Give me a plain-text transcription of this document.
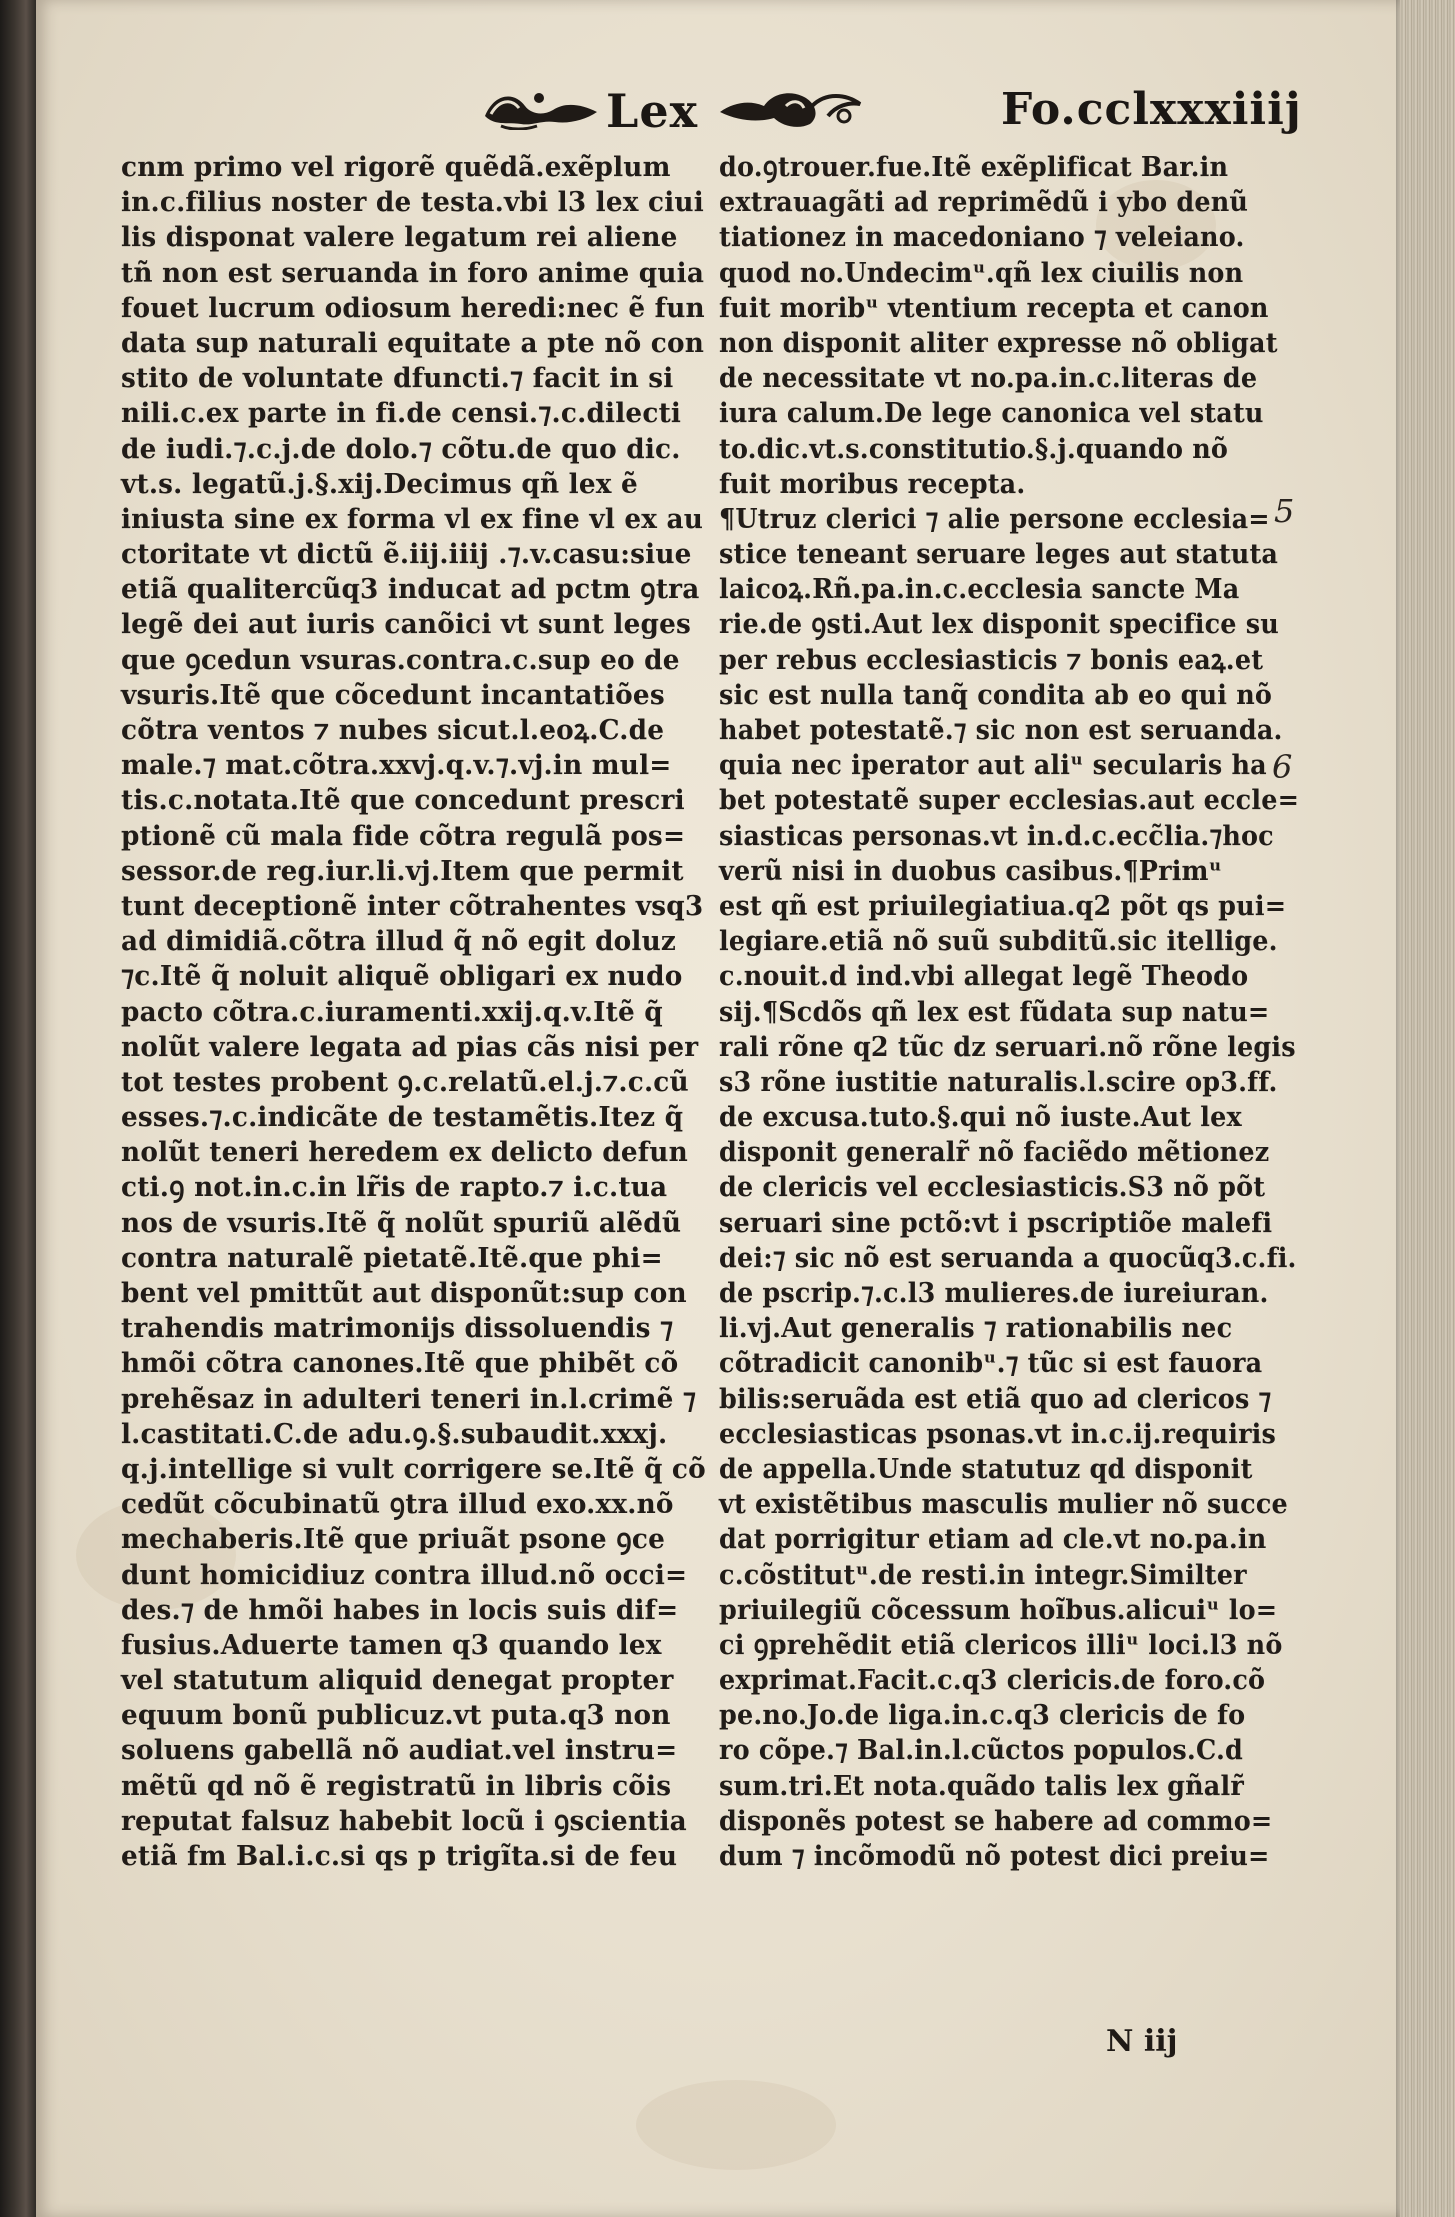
Lex	Fo.cclxxxiiij
cnm primo vel rigorẽ quẽdã.exẽplum
in.c.filius noster de testa.vbi l3 lex ciui
lis disponat valere legatum rei aliene
tñ non est seruanda in foro anime quia
fouet lucrum odiosum heredi:nec ẽ fun
data sup naturali equitate a pte nõ con
stito de voluntate dfuncti.⁊ facit in si
nili.c.ex parte in fi.de censi.⁊.c.dilecti
de iudi.⁊.c.j.de dolo.⁊ cõtu.de quo dic.
vt.s. legatũ.j.§.xij.Decimus qñ lex ẽ
iniusta sine ex forma vl ex fine vl ex au
ctoritate vt dictũ ẽ.iij.iiij .⁊.v.casu:siue
etiã qualitercũq3 inducat ad pctm ꝯtra
legẽ dei aut iuris canõici vt sunt leges
que ꝯcedun vsuras.contra.c.sup eo de
vsuris.Itẽ que cõcedunt incantatiões
cõtra ventos ⁊ nubes sicut.l.eoꝝ.C.de
male.⁊ mat.cõtra.xxvj.q.v.⁊.vj.in mul=
tis.c.notata.Itẽ que concedunt prescri
ptionẽ cũ mala fide cõtra regulã pos=
sessor.de reg.iur.li.vj.Item que permit
tunt deceptionẽ inter cõtrahentes vsq3
ad dimidiã.cõtra illud q̃ nõ egit doluz
⁊c.Itẽ q̃ noluit aliquẽ obligari ex nudo
pacto cõtra.c.iuramenti.xxij.q.v.Itẽ q̃
nolũt valere legata ad pias cãs nisi per
tot testes probent ꝯ.c.relatũ.el.j.⁊.c.cũ
esses.⁊.c.indicãte de testamẽtis.Itez q̃
nolũt teneri heredem ex delicto defun
cti.ꝯ not.in.c.in lr̃is de rapto.⁊ i.c.tua
nos de vsuris.Itẽ q̃ nolũt spuriũ alẽdũ
contra naturalẽ pietatẽ.Itẽ.que phi=
bent vel pmittũt aut disponũt:sup con
trahendis matrimonijs dissoluendis ⁊
hmõi cõtra canones.Itẽ que phibẽt cõ
prehẽsaz in adulteri teneri in.l.crimẽ ⁊
l.castitati.C.de adu.ꝯ.§.subaudit.xxxj.
q.j.intellige si vult corrigere se.Itẽ q̃ cõ
cedũt cõcubinatũ ꝯtra illud exo.xx.nõ
mechaberis.Itẽ que priuãt psone ꝯce
dunt homicidiuz contra illud.nõ occi=
des.⁊ de hmõi habes in locis suis dif=
fusius.Aduerte tamen q3 quando lex
vel statutum aliquid denegat propter
equum bonũ publicuz.vt puta.q3 non
soluens gabellã nõ audiat.vel instru=
mẽtũ qd nõ ẽ registratũ in libris cõis
reputat falsuz habebit locũ i ꝯscientia
etiã fm Bal.i.c.si qs p trigĩta.si de feu
do.ꝯtrouer.fue.Itẽ exẽplificat Bar.in
extrauagãti ad reprimẽdũ i ybo denũ
tiationez in macedoniano ⁊ veleiano.
quod no.Undecimᵘ.qñ lex ciuilis non
fuit moribᵘ vtentium recepta et canon
non disponit aliter expresse nõ obligat
de necessitate vt no.pa.in.c.literas de
iura calum.De lege canonica vel statu
to.dic.vt.s.constitutio.§.j.quando nõ
fuit moribus recepta.
¶Utruz clerici ⁊ alie persone ecclesia=
stice teneant seruare leges aut statuta
laicoꝝ.Rñ.pa.in.c.ecclesia sancte Ma
rie.de ꝯsti.Aut lex disponit specifice su
per rebus ecclesiasticis ⁊ bonis eaꝝ.et
sic est nulla tanq̃ condita ab eo qui nõ
habet potestatẽ.⁊ sic non est seruanda.
quia nec iperator aut aliᵘ secularis ha
bet potestatẽ super ecclesias.aut eccle=
siasticas personas.vt in.d.c.ecc̃lia.⁊hoc
verũ nisi in duobus casibus.¶Primᵘ
est qñ est priuilegiatiua.q2 põt qs pui=
legiare.etiã nõ suũ subditũ.sic itellige.
c.nouit.d ind.vbi allegat legẽ Theodo
sij.¶Scdõs qñ lex est fũdata sup natu=
rali rõne q2 tũc dz seruari.nõ rõne legis
s3 rõne iustitie naturalis.l.scire op3.ff.
de excusa.tuto.§.qui nõ iuste.Aut lex
disponit generalr̃ nõ faciẽdo mẽtionez
de clericis vel ecclesiasticis.S3 nõ põt
seruari sine pctõ:vt i pscriptiõe malefi
dei:⁊ sic nõ est seruanda a quocũq3.c.fi.
de pscrip.⁊.c.l3 mulieres.de iureiuran.
li.vj.Aut generalis ⁊ rationabilis nec
cõtradicit canonibᵘ.⁊ tũc si est fauora
bilis:seruãda est etiã quo ad clericos ⁊
ecclesiasticas psonas.vt in.c.ij.requiris
de appella.Unde statutuz qd disponit
vt existẽtibus masculis mulier nõ succe
dat porrigitur etiam ad cle.vt no.pa.in
c.cõstitutᵘ.de resti.in integr.Similter
priuilegiũ cõcessum hoĩbus.alicuiᵘ lo=
ci ꝯprehẽdit etiã clericos illiᵘ loci.l3 nõ
exprimat.Facit.c.q3 clericis.de foro.cõ
pe.no.Jo.de liga.in.c.q3 clericis de fo
ro cõpe.⁊ Bal.in.l.cũctos populos.C.d
sum.tri.Et nota.quãdo talis lex gñalr̃
disponẽs potest se habere ad commo=
dum ⁊ incõmodũ nõ potest dici preiu=
5
6
N iij
